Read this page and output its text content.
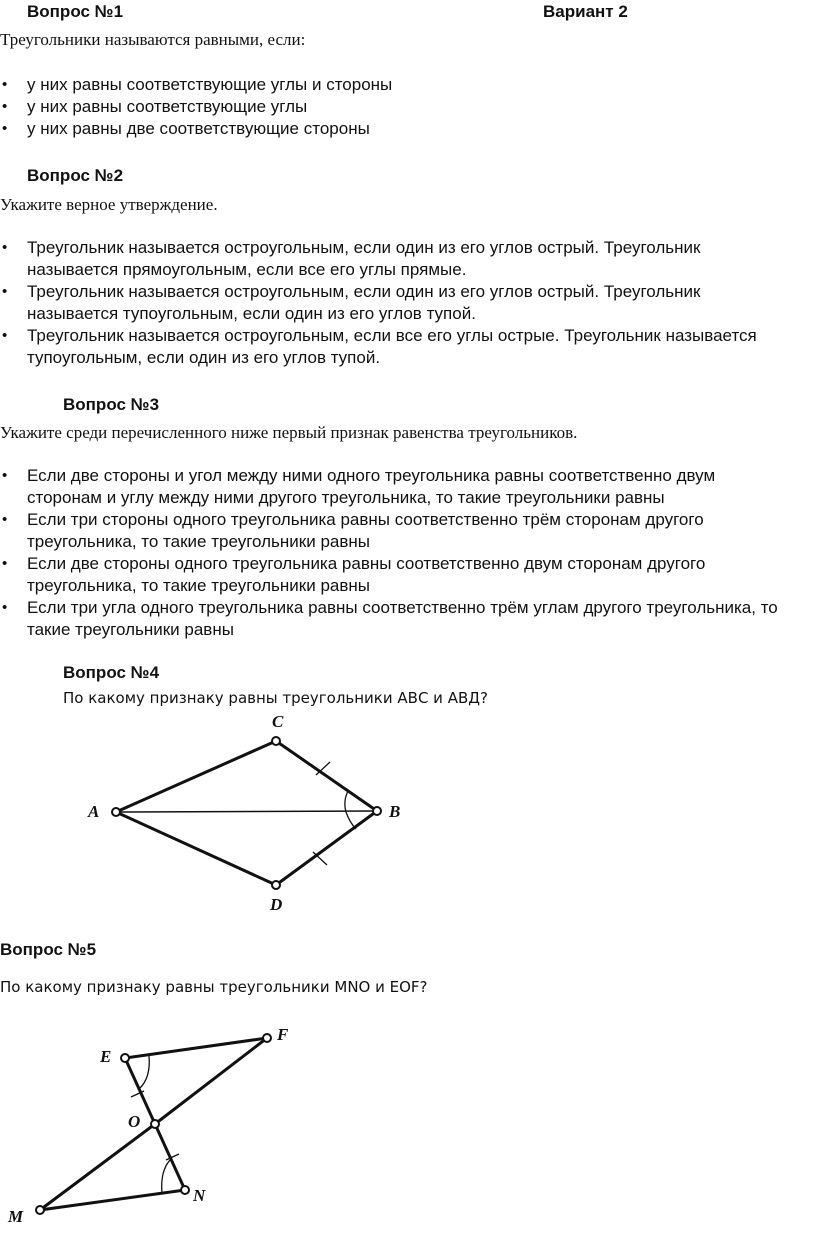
Вопрос №1	Вариант 2
Треугольники называются равными, если:
• у них равны соответствующие углы и стороны
• у них равны соответствующие углы
• у них равны две соответствующие стороны
Вопрос №2
Укажите верное утверждение.
• Треугольник называется остроугольным, если один из его углов острый. Треугольник называется прямоугольным, если все его углы прямые.
• Треугольник называется остроугольным, если один из его углов острый. Треугольник называется тупоугольным, если один из его углов тупой.
• Треугольник называется остроугольным, если все его углы острые. Треугольник называется тупоугольным, если один из его углов тупой.
Вопрос №3
Укажите среди перечисленного ниже первый признак равенства треугольников.
• Если две стороны и угол между ними одного треугольника равны соответственно двум сторонам и углу между ними другого треугольника, то такие треугольники равны
• Если три стороны одного треугольника равны соответственно трём сторонам другого треугольника, то такие треугольники равны
• Если две стороны одного треугольника равны соответственно двум сторонам другого треугольника, то такие треугольники равны
• Если три угла одного треугольника равны соответственно трём углам другого треугольника, то такие треугольники равны
Вопрос №4
По какому признаку равны треугольники АВС и АВД?
A
C
B
D
Вопрос №5
По какому признаку равны треугольники MNO и EOF?
E
F
O
M
N
